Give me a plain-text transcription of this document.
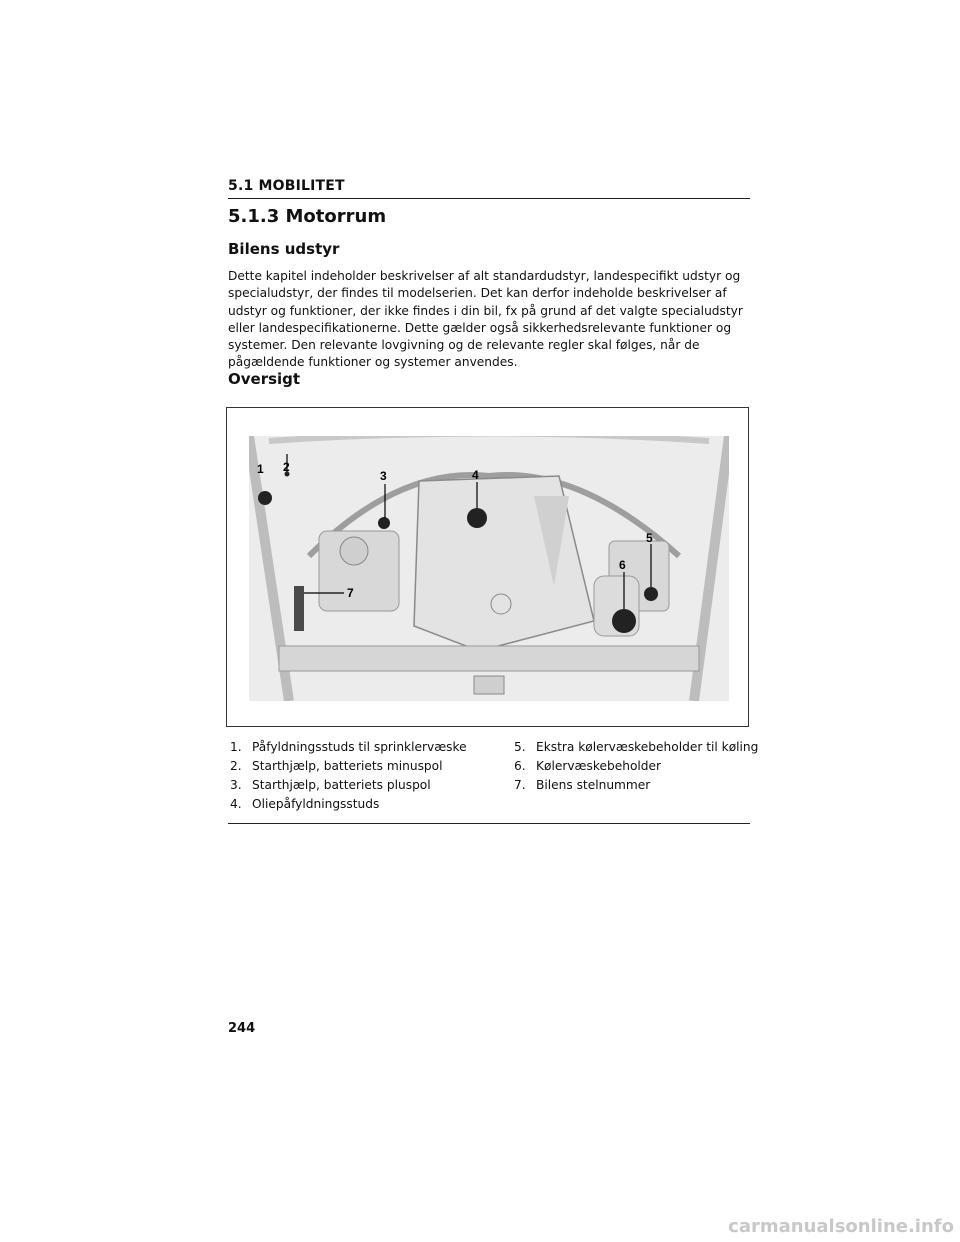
5.1 MOBILITET
5.1.3 Motorrum
Bilens udstyr

Dette kapitel indeholder beskrivelser af alt standardudstyr, landespecifikt udstyr og specialudstyr, der findes til modelserien. Det kan derfor indeholde beskrivelser af udstyr og funktioner, der ikke findes i din bil, fx på grund af det valgte specialudstyr eller landespecifikationerne. Dette gælder også sikkerhedsrelevante funktioner og systemer. Den relevante lovgivning og de relevante regler skal følges, når de pågældende funktioner og systemer anvendes.

Oversigt
1 2
3	4
5
6
7
1. Påfyldningsstuds til sprinklervæske
2. Starthjælp, batteriets minuspol
3. Starthjælp, batteriets pluspol
4. Oliepåfyldningsstuds
5. Ekstra kølervæskebeholder til køling
6. Kølervæskebeholder
7. Bilens stelnummer
244
carmanualsonline.info
